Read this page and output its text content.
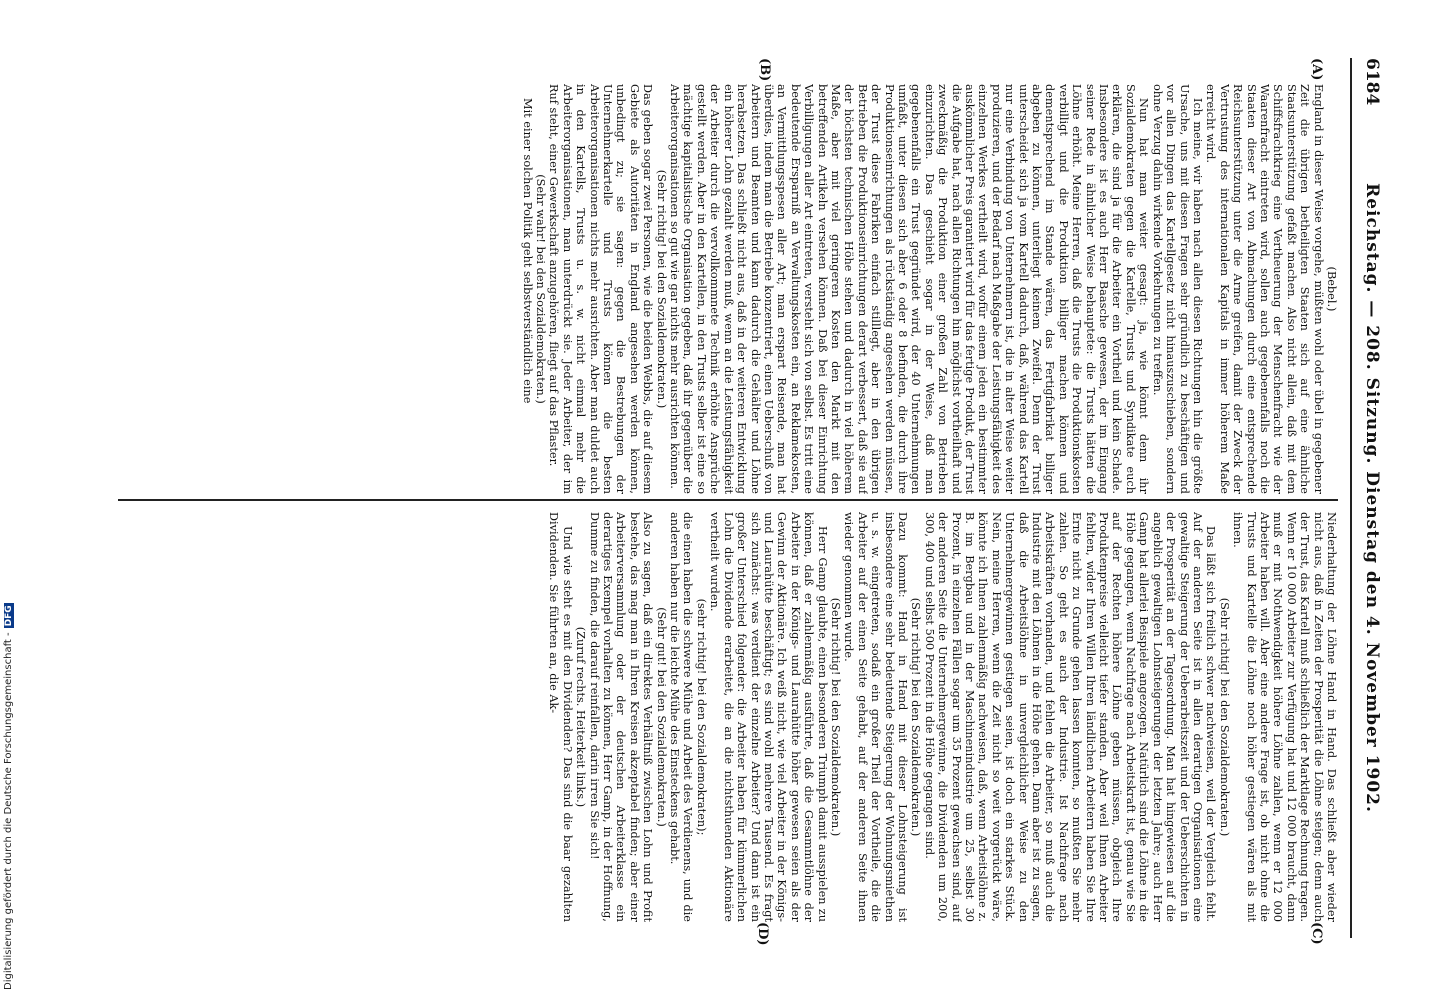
6184
Reichstag. — 208. Sitzung. Dienstag den 4. November 1902.
(A)
(B)
(C)
(D)

(Bebel.)

England in dieser Weise vorgehe, müßten wohl oder übel in gegebener Zeit die übrigen betheiligten Staaten sich auf eine ähnliche Staatsunterstützung gefaßt machen. Also nicht allein, daß mit dem Schiffsfrachtkrieg eine Vertheuerung der Menschenfracht wie der Waarenfracht eintreten wird, sollen auch gegebenenfalls noch die Staaten dieser Art von Abmachungen durch eine entsprechende Reichsunterstützung unter die Arme greifen, damit der Zweck der Vertrustung des internationalen Kapitals in immer höherem Maße erreicht wird.

Ich meine, wir haben nach allen diesen Richtungen hin die größte Ursache, uns mit diesen Fragen sehr gründlich zu beschäftigen und vor allen Dingen das Kartellgesetz nicht hinauszuschieben, sondern ohne Verzug dahin wirkende Vorkehrungen zu treffen.

Nun hat man weiter gesagt: ja, wie könnt denn ihr Sozialdemokraten gegen die Kartelle, Trusts und Syndikate euch erklären, die sind ja für die Arbeiter ein Vortheil und kein Schade. Insbesondere ist es auch Herr Baasche gewesen, der im Eingang seiner Rede in ähnlicher Weise behauptete: die Trusts hätten die Löhne erhöht. Meine Herren, daß die Trusts die Produktionskosten verbilligt und die Produktion billiger machen können und dementsprechend im Stande wären, das Fertigfabrikat billiger abgeben zu können, unterliegt keinem Zweifel. Denn der Trust unterscheidet sich ja vom Kartell dadurch, daß, während das Kartell nur eine Verbindung von Unternehmern ist, die in alter Weise weiter produzieren, und der Bedarf nach Maßgabe der Leistungsfähigkeit des einzelnen Werkes vertheilt wird, wofür einem jeden ein bestimmter auskömmlicher Preis garantiert wird für das fertige Produkt, der Trust die Aufgabe hat, nach allen Richtungen hin möglichst vortheilhaft und zweckmäßig die Produktion einer großen Zahl von Betrieben einzurichten. Das geschieht sogar in der Weise, daß man gegebenenfalls ein Trust gegründet wird, der 40 Unternehmungen umfaßt, unter diesen sich aber 6 oder 8 befinden, die durch ihre Produktionseinrichtungen als rückständig angesehen werden müssen, der Trust diese Fabriken einfach stilllegt, aber in den übrigen Betrieben die Produktionseinrichtungen derart verbessert, daß sie auf der höchsten technischen Höhe stehen und dadurch in viel höherem Maße, aber mit viel geringeren Kosten den Markt mit den betreffenden Artikeln versehen können. Daß bei dieser Einrichtung Verbilligungen aller Art eintreten, versteht sich von selbst. Es tritt eine bedeutende Ersparniß an Verwaltungskosten ein, an Reklamekosten, an Vermittlungsspesen aller Art; man erspart Reisende, man hat überdies, indem man die Betriebe konzentriert, einen Ueberschuß von Arbeitern und Beamten und kann dadurch die Gehälter und Löhne herabsetzen. Das schließt nicht aus, daß in der weiteren Entwicklung ein höherer Lohn gezahlt werden muß, wenn an die Leistungsfähigkeit der Arbeiter durch die vervollkommnete Technik erhöhte Ansprüche gestellt werden. Aber in den Kartellen, in den Trusts selber ist eine so mächtige kapitalistische Organisation gegeben, daß ihr gegenüber die Arbeiterorganisationen so gut wie gar nichts mehr ausrichten können.

(Sehr richtig! bei den Sozialdemokraten.)

Das geben sogar zwei Personen, wie die beiden Webbs, die auf diesem Gebiete als Autoritäten in England angesehen werden können, unbedingt zu; sie sagen: gegen die Bestrebungen der Unternehmerkartelle und Trusts können die besten Arbeiterorganisationen nichts mehr ausrichten. Aber man duldet auch in den Kartells, Trusts u. s. w. nicht einmal mehr die Arbeiterorganisationen, man unterdrückt sie. Jeder Arbeiter, der im Ruf steht, einer Gewerkschaft anzugehören, fliegt auf das Pflaster.

(Sehr wahr! bei den Sozialdemokraten.)

Mit einer solchen Politik geht selbstverständlich eine

Niederhaltung der Löhne Hand in Hand. Das schließt aber wieder nicht aus, daß in Zeiten der Prosperität die Löhne steigen; denn auch der Trust, das Kartell muß schließlich der Marktlage Rechnung tragen. Wenn er 10 000 Arbeiter zur Verfügung hat und 12 000 braucht, dann muß er mit Nothwendigkeit höhere Löhne zahlen, wenn er 12 000 Arbeiter haben will. Aber eine andere Frage ist, ob nicht ohne die Trusts und Kartelle die Löhne noch höher gestiegen wären als mit ihnen.

(Sehr richtig! bei den Sozialdemokraten.)

Das läßt sich freilich schwer nachweisen, weil der Vergleich fehlt. Auf der anderen Seite ist in allen derartigen Organisationen eine gewaltige Steigerung der Ueberarbeitszeit und der Ueberschichten in der Prosperität an der Tagesordnung. Man hat hingewiesen auf die angeblich gewaltigen Lohnsteigerungen der letzten Jahre; auch Herr Gamp hat allerlei Beispiele angezogen. Natürlich sind die Löhne in die Höhe gegangen, wenn Nachfrage nach Arbeitskraft ist, genau wie Sie auf der Rechten höhere Löhne geben müssen, obgleich Ihre Produktenpreise vielleicht tiefer standen. Aber weil Ihnen Arbeiter fehlten, wider Ihren Willen Ihren ländlichen Arbeitern haben Sie Ihre Ernte nicht zu Grunde gehen lassen konnten, so mußten Sie mehr zahlen. So geht es auch der Industrie. Ist Nachfrage nach Arbeitskräften vorhanden, und fehlen die Arbeiter, so muß auch die Industrie mit den Löhnen in die Höhe gehen. Dann aber ist zu sagen, daß die Arbeitslöhne in unvergleichlicher Weise zu den Unternehmergewinnen gestiegen seien, ist doch ein starkes Stück. Nein, meine Herren, wenn die Zeit nicht so weit vorgerückt wäre, könnte ich Ihnen zahlenmäßig nachweisen, daß, wenn Arbeitslöhne z. B. im Bergbau und in der Maschinenindustrie um 25, selbst 30 Prozent, in einzelnen Fällen sogar um 35 Prozent gewachsen sind, auf der anderen Seite die Unternehmergewinne, die Dividenden um 200, 300, 400 und selbst 500 Prozent in die Höhe gegangen sind.

(Sehr richtig! bei den Sozialdemokraten.)

Dazu kommt: Hand in Hand mit dieser Lohnsteigerung ist insbesondere eine sehr bedeutende Steigerung der Wohnungsmiethen u. s. w. eingetreten, sodaß ein großer Theil der Vortheile, die die Arbeiter auf der einen Seite gehabt, auf der anderen Seite ihnen wieder genommen wurde.

(Sehr richtig! bei den Sozialdemokraten.)

Herr Gamp glaubte, einen besonderen Triumph damit ausspielen zu können, daß er zahlenmäßig ausführte, daß die Gesammtlöhne der Arbeiter in der Königs- und Laurahütte höher gewesen seien als der Gewinn der Aktionäre. Ich weiß nicht, wie viel Arbeiter in der Königs- und Laurahütte beschäftigt; es sind wohl mehrere Tausend. Es fragt sich zunächst: was verdient der einzelne Arbeiter? Und dann ist ein großer Unterschied folgender: die Arbeiter haben für kümmerlichen Lohn die Dividende erarbeitet, die an die nichtsthuenden Aktionäre vertheilt wurden.

(sehr richtig! bei den Sozialdemokraten);

die einen haben die schwere Mühe und Arbeit des Verdienens, und die anderen haben nur die leichte Mühe des Einsteckens gehabt.

(Sehr gut! bei den Sozialdemokraten.)

Also zu sagen, daß ein direktes Verhältniß zwischen Lohn und Profit bestehe, das mag man in Ihren Kreisen akzeptabel finden; aber einer Arbeiterversammlung oder der deutschen Arbeiterklasse ein derartiges Exempel vorhalten zu können, Herr Gamp, in der Hoffnung, Dumme zu finden, die darauf reinfallen, darin irren Sie sich!

(Zuruf rechts. Heiterkeit links.)

Und wie steht es mit den Dividenden? Das sind die baar gezahlten Dividenden. Sie führten an, die Ak-

Digitalisierung gefördert durch die Deutsche Forschungsgemeinschaft -
DFG
